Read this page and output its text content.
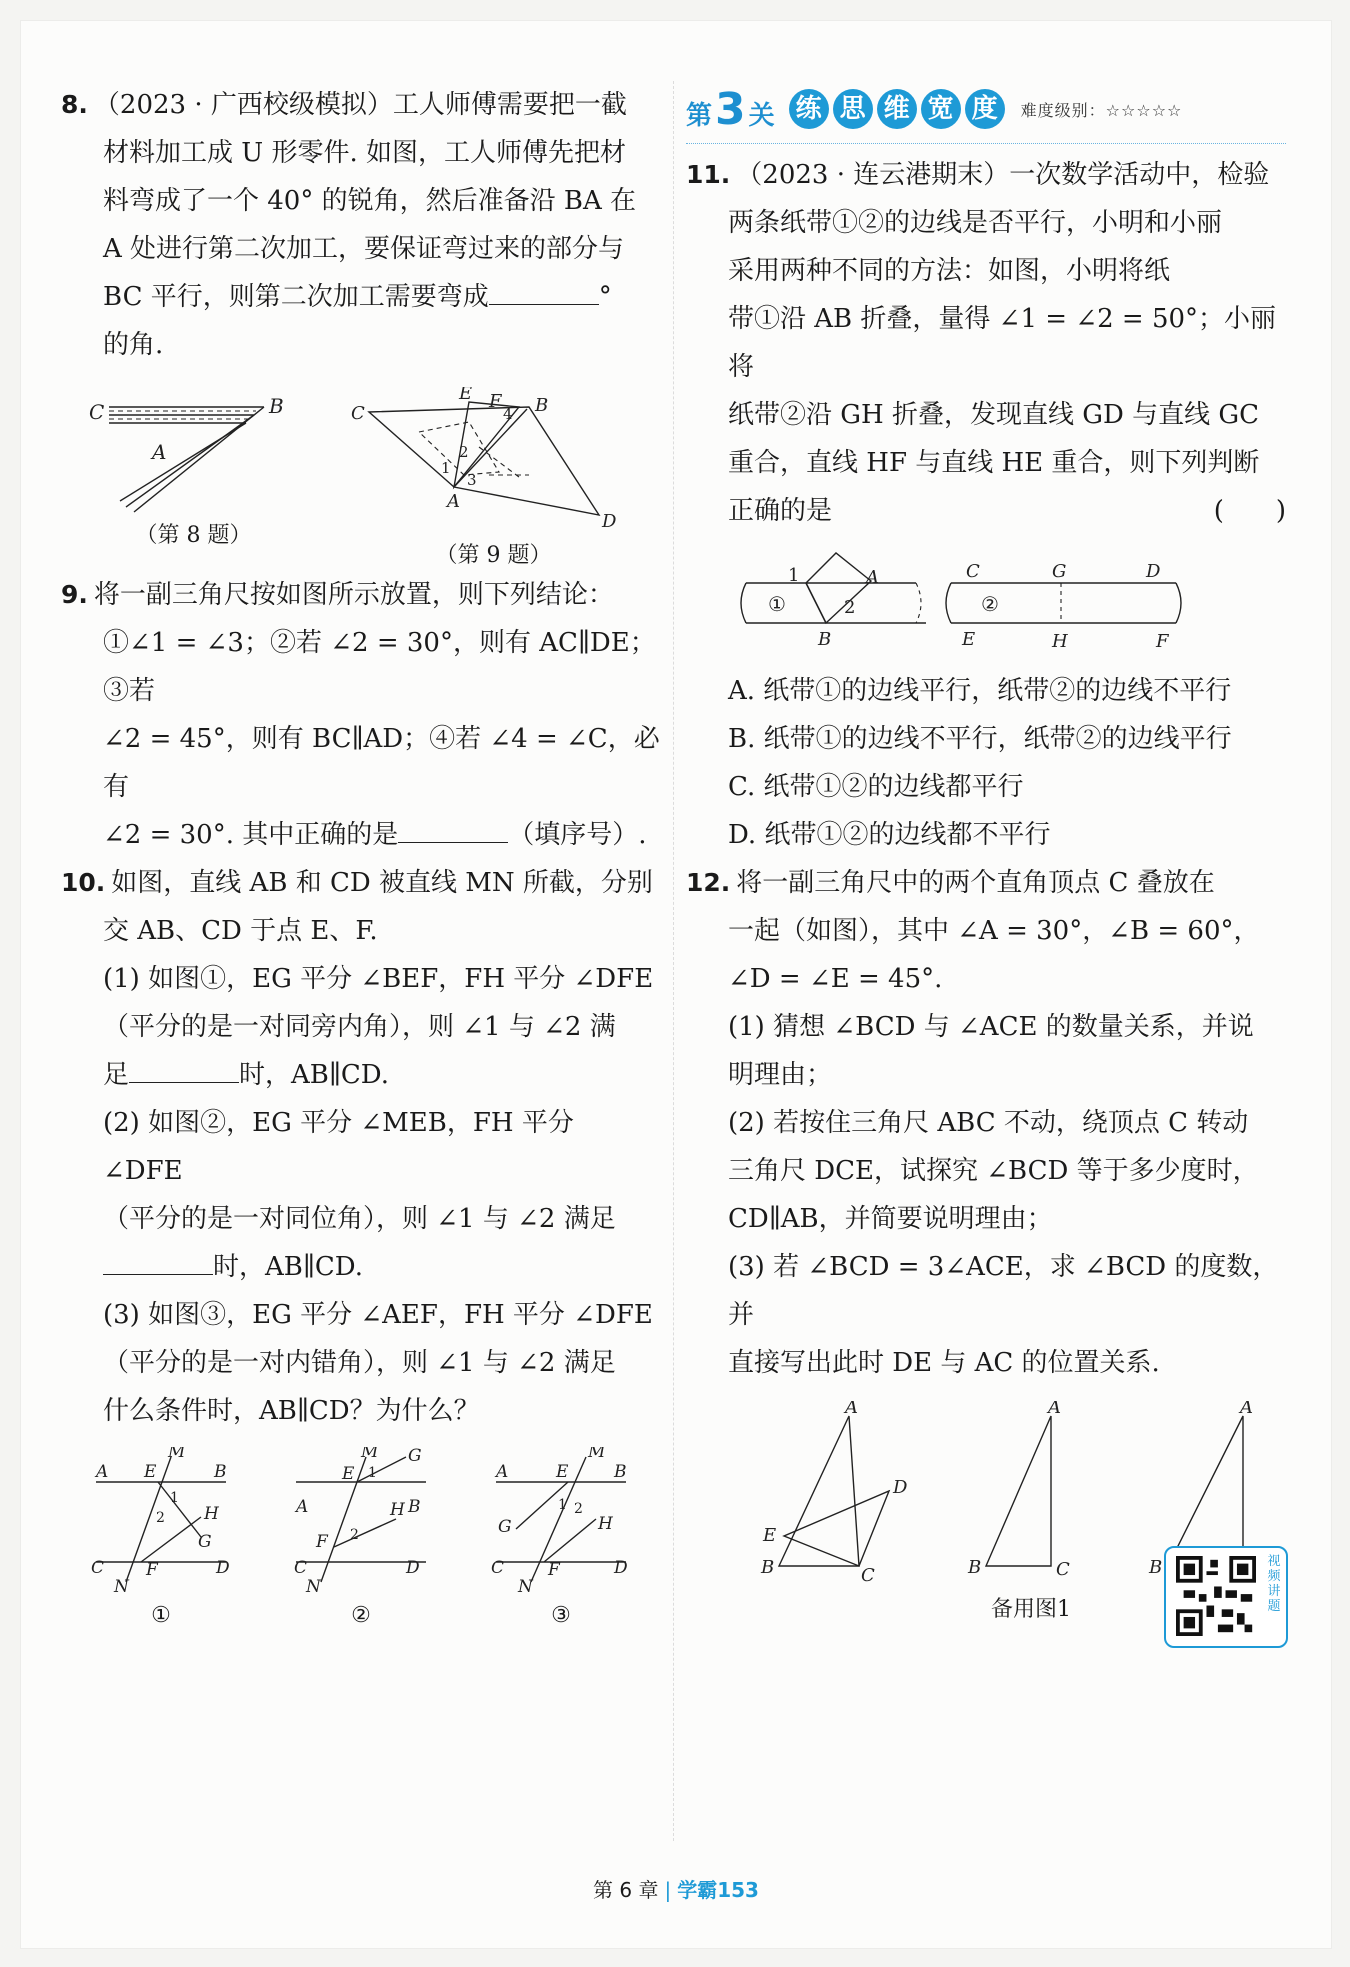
8. （2023 · 广西校级模拟）工人师傅需要把一截

材料加工成 U 形零件. 如图，工人师傅先把材

料弯成了一个 40° 的锐角，然后准备沿 BA 在

A 处进行第二次加工，要保证弯过来的部分与

BC 平行，则第二次加工需要弯成	°

的角.

C
A
B
（第 8 题）
E F B
C	4
2
1
3
A
D
（第 9 题）

9. 将一副三角尺按如图所示放置，则下列结论：

①∠1 = ∠3；②若 ∠2 = 30°，则有 AC∥DE；③若

∠2 = 45°，则有 BC∥AD；④若 ∠4 = ∠C，必有

∠2 = 30°. 其中正确的是	（填序号）.

10. 如图，直线 AB 和 CD 被直线 MN 所截，分别

交 AB、CD 于点 E、F.

(1) 如图①，EG 平分 ∠BEF，FH 平分 ∠DFE

（平分的是一对同旁内角），则 ∠1 与 ∠2 满

足	时，AB∥CD.

(2) 如图②，EG 平分 ∠MEB，FH 平分 ∠DFE

（平分的是一对同位角），则 ∠1 与 ∠2 满足

时，AB∥CD.

(3) 如图③，EG 平分 ∠AEF，FH 平分 ∠DFE

（平分的是一对内错角），则 ∠1 与 ∠2 满足

什么条件时，AB∥CD？为什么？

A	B
C	D
E
F
G
H
M
N
1
2
①
A	B
C	D
E
F
G
H
M
N
1
2
②
A	B
C	D
E
F
G	H
M
N
1 2
③
第3 关 练 思 维 宽 度	难度级别：☆☆☆☆☆

11. （2023 · 连云港期末）一次数学活动中，检验

两条纸带①②的边线是否平行，小明和小丽

采用两种不同的方法：如图，小明将纸

带①沿 AB 折叠，量得 ∠1 = ∠2 = 50°；小丽将

纸带②沿 GH 折叠，发现直线 GD 与直线 GC

重合，直线 HF 与直线 HE 重合，则下列判断

正确的是	(　　)

1	A
2
①
B
C	G	D
②
E	H	F

A. 纸带①的边线平行，纸带②的边线不平行

B. 纸带①的边线不平行，纸带②的边线平行

C. 纸带①②的边线都平行

D. 纸带①②的边线都不平行

12. 将一副三角尺中的两个直角顶点 C 叠放在

一起（如图），其中 ∠A = 30°，∠B = 60°，

∠D = ∠E = 45°.

(1) 猜想 ∠BCD 与 ∠ACE 的数量关系，并说

明理由；

(2) 若按住三角尺 ABC 不动，绕顶点 C 转动

三角尺 DCE，试探究 ∠BCD 等于多少度时，

CD∥AB，并简要说明理由；

(3) 若 ∠BCD = 3∠ACE，求 ∠BCD 的度数，并

直接写出此时 DE 与 AC 的位置关系.

A
D
E
B	C
A
B	C
备用图1
A
B	视频讲题
第 6 章 | 学霸153
